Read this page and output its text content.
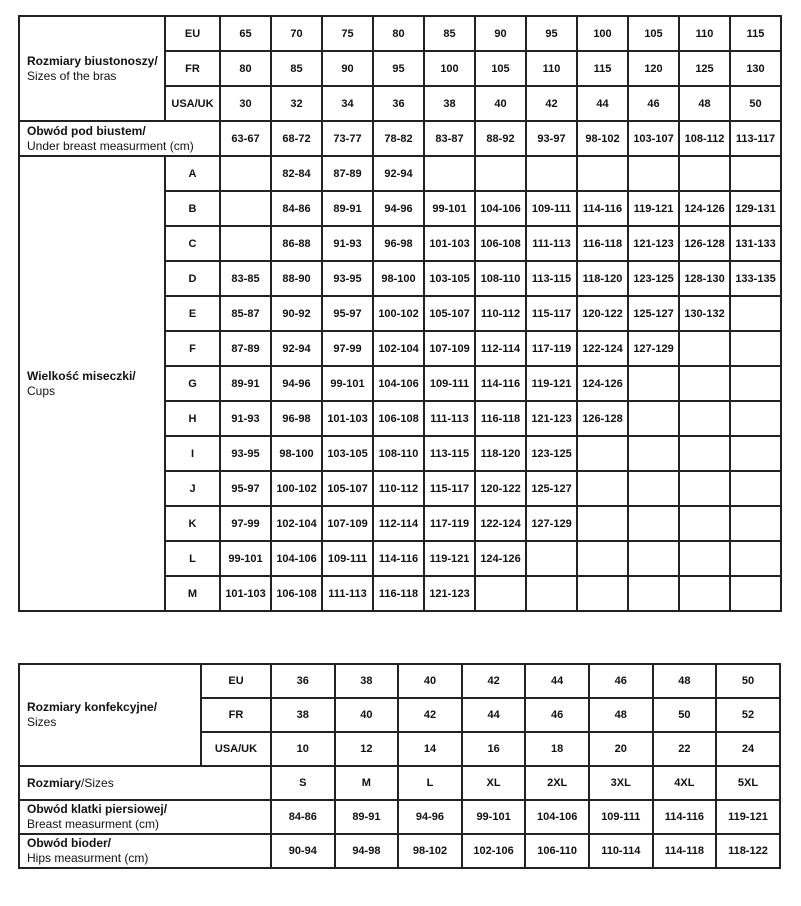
Rozmiary biustonoszy/
Sizes of the bras	EU	65	70	75	80	85	90	95	100	105	110	115
	FR	80	85	90	95	100	105	110	115	120	125	130
	USA/UK	30	32	34	36	38	40	42	44	46	48	50

Obwód pod biustem/
Under breast measurment (cm)		63-67	68-72	73-77	78-82	83-87	88-92	93-97	98-102	103-107	108-112	113-117

Wielkość miseczki/
Cups	A		82-84	87-89	92-94							
	B		84-86	89-91	94-96	99-101	104-106	109-111	114-116	119-121	124-126	129-131
	C		86-88	91-93	96-98	101-103	106-108	111-113	116-118	121-123	126-128	131-133
	D	83-85	88-90	93-95	98-100	103-105	108-110	113-115	118-120	123-125	128-130	133-135
	E	85-87	90-92	95-97	100-102	105-107	110-112	115-117	120-122	125-127	130-132	
	F	87-89	92-94	97-99	102-104	107-109	112-114	117-119	122-124	127-129		
	G	89-91	94-96	99-101	104-106	109-111	114-116	119-121	124-126			
	H	91-93	96-98	101-103	106-108	111-113	116-118	121-123	126-128			
	I	93-95	98-100	103-105	108-110	113-115	118-120	123-125				
	J	95-97	100-102	105-107	110-112	115-117	120-122	125-127				
	K	97-99	102-104	107-109	112-114	117-119	122-124	127-129				
	L	99-101	104-106	109-111	114-116	119-121	124-126					
	M	101-103	106-108	111-113	116-118	121-123						
Rozmiary konfekcyjne/
Sizes	EU	36	38	40	42	44	46	48	50
	FR	38	40	42	44	46	48	50	52
	USA/UK	10	12	14	16	18	20	22	24
Rozmiary/Sizes		S	M	L	XL	2XL	3XL	4XL	5XL

Obwód klatki piersiowej/
Breast measurment (cm)		84-86	89-91	94-96	99-101	104-106	109-111	114-116	119-121

Obwód bioder/
Hips measurment (cm)		90-94	94-98	98-102	102-106	106-110	110-114	114-118	118-122
